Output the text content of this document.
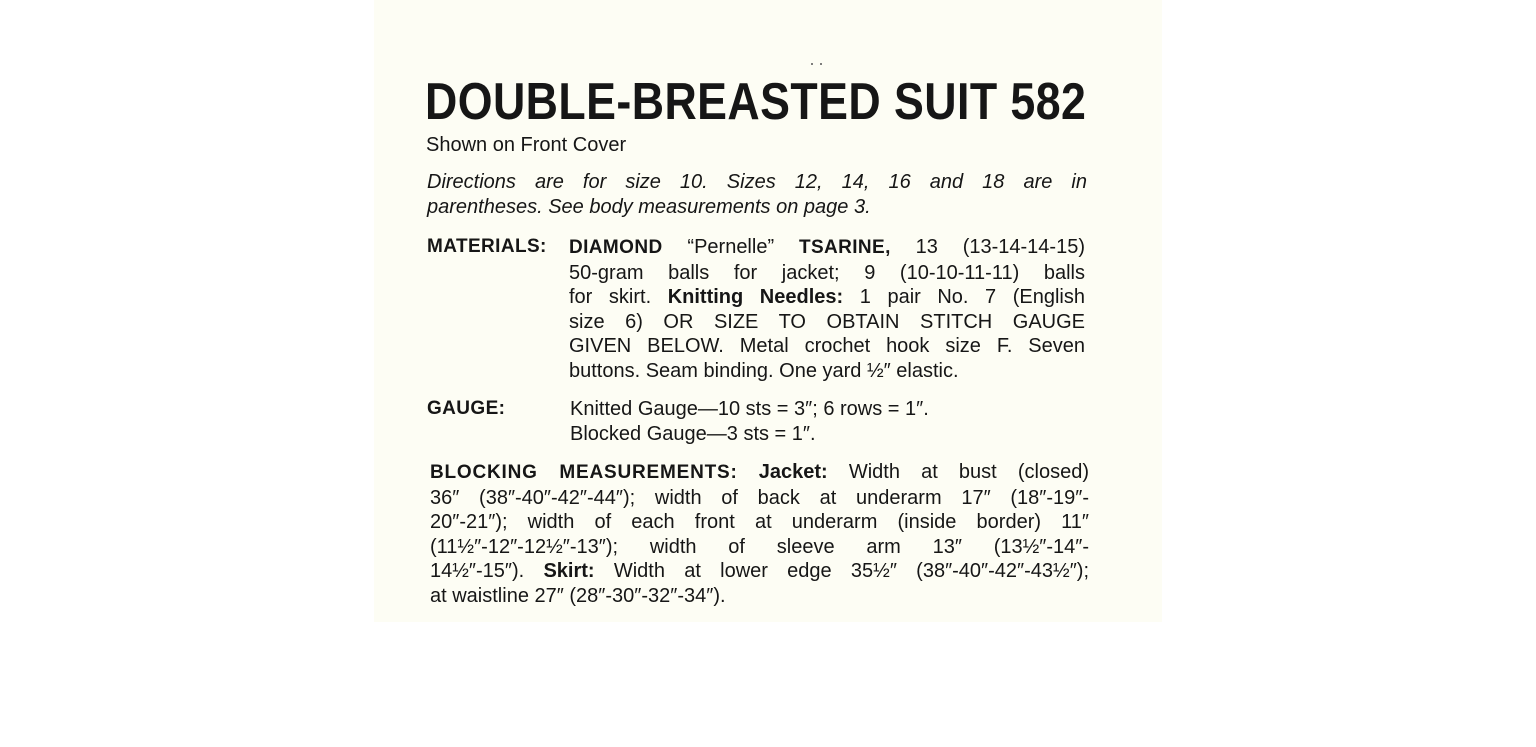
DOUBLE-BREASTED SUIT 582
Shown on Front Cover
Directions are for size 10. Sizes 12, 14, 16 and 18 are in
parentheses. See body measurements on page 3.
MATERIALS: DIAMOND “Pernelle” TSARINE, 13 (13-14-14-15)
50-gram balls for jacket; 9 (10-10-11-11) balls
for skirt. Knitting Needles: 1 pair No. 7 (English
size 6) OR SIZE TO OBTAIN STITCH GAUGE
GIVEN BELOW. Metal crochet hook size F. Seven
buttons. Seam binding. One yard ½″ elastic.
GAUGE:	Knitted Gauge—10 sts = 3″; 6 rows = 1″.
Blocked Gauge—3 sts = 1″.
BLOCKING MEASUREMENTS: Jacket: Width at bust (closed)
36″ (38″-40″-42″-44″); width of back at underarm 17″ (18″-19″-
20″-21″); width of each front at underarm (inside border) 11″
(11½″-12″-12½″-13″); width of sleeve arm 13″ (13½″-14″-
14½″-15″). Skirt: Width at lower edge 35½″ (38″-40″-42″-43½″);
at waistline 27″ (28″-30″-32″-34″).
